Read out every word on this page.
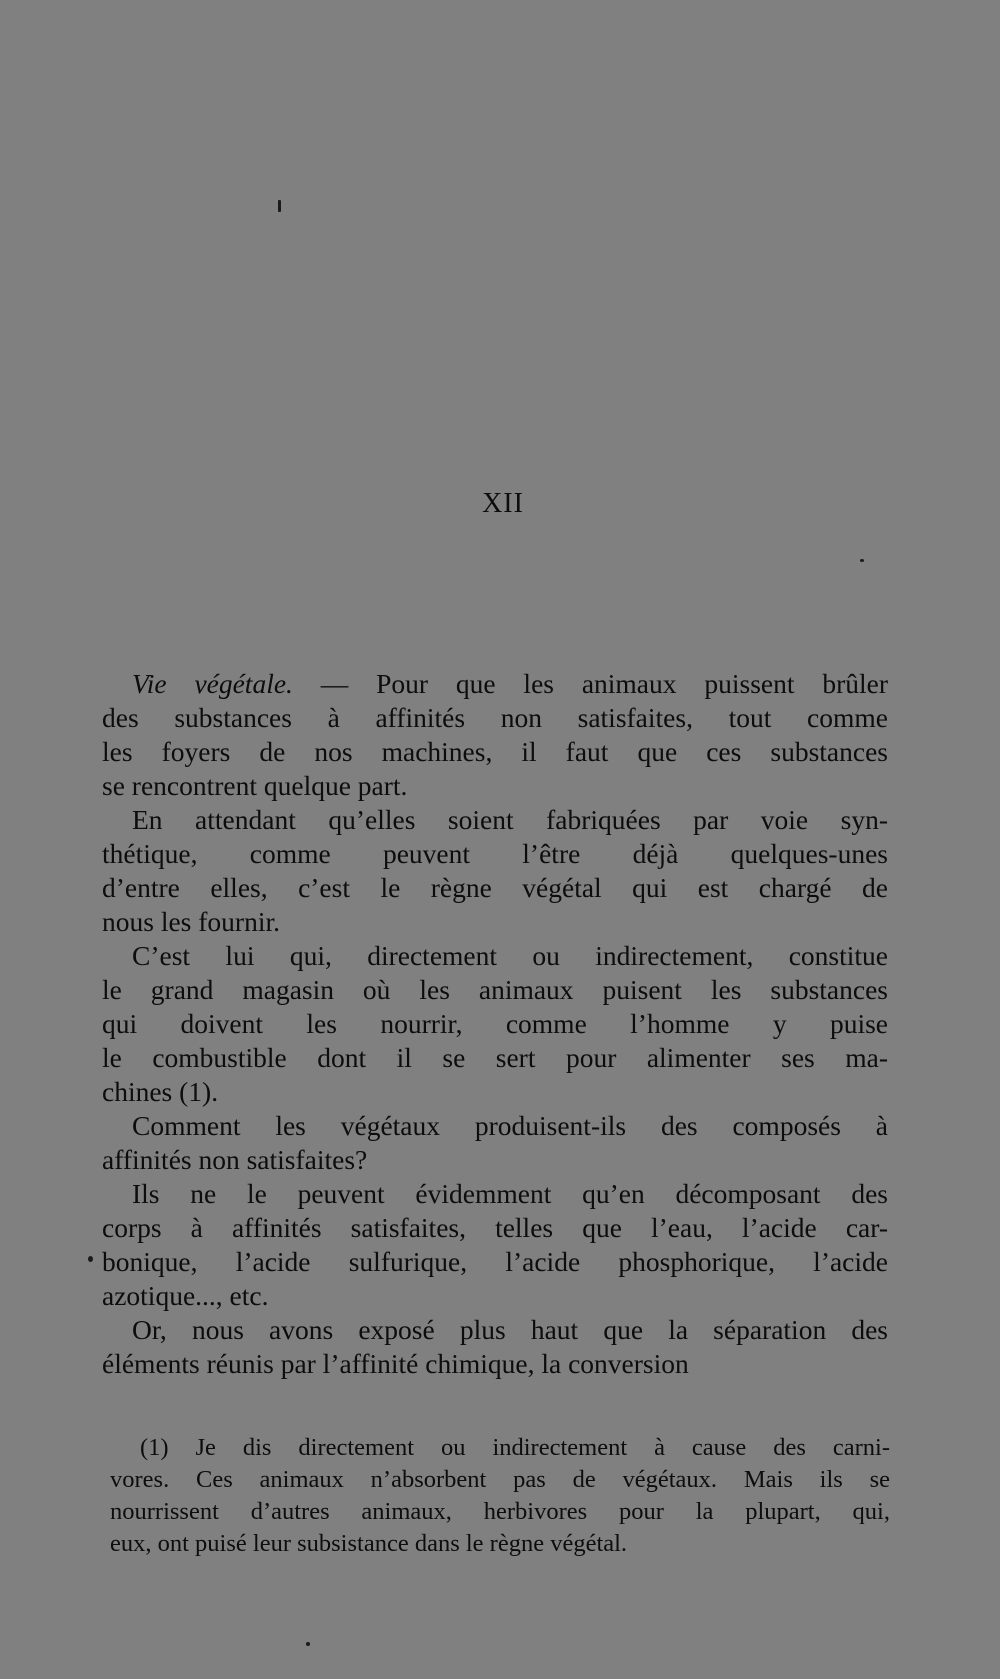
XII
Vie végétale. — Pour que les animaux puissent brûler
des substances à affinités non satisfaites, tout comme
les foyers de nos machines, il faut que ces substances
se rencontrent quelque part.
En attendant qu’elles soient fabriquées par voie syn-
thétique, comme peuvent l’être déjà quelques-unes
d’entre elles, c’est le règne végétal qui est chargé de
nous les fournir.
C’est lui qui, directement ou indirectement, constitue
le grand magasin où les animaux puisent les substances
qui doivent les nourrir, comme l’homme y puise
le combustible dont il se sert pour alimenter ses ma-
chines (1).
Comment les végétaux produisent-ils des composés à
affinités non satisfaites?
Ils ne le peuvent évidemment qu’en décomposant des
corps à affinités satisfaites, telles que l’eau, l’acide car-
bonique, l’acide sulfurique, l’acide phosphorique, l’acide
azotique..., etc.
Or, nous avons exposé plus haut que la séparation des
éléments réunis par l’affinité chimique, la conversion
(1) Je dis directement ou indirectement à cause des carni-
vores. Ces animaux n’absorbent pas de végétaux. Mais ils se
nourrissent d’autres animaux, herbivores pour la plupart, qui,
eux, ont puisé leur subsistance dans le règne végétal.
